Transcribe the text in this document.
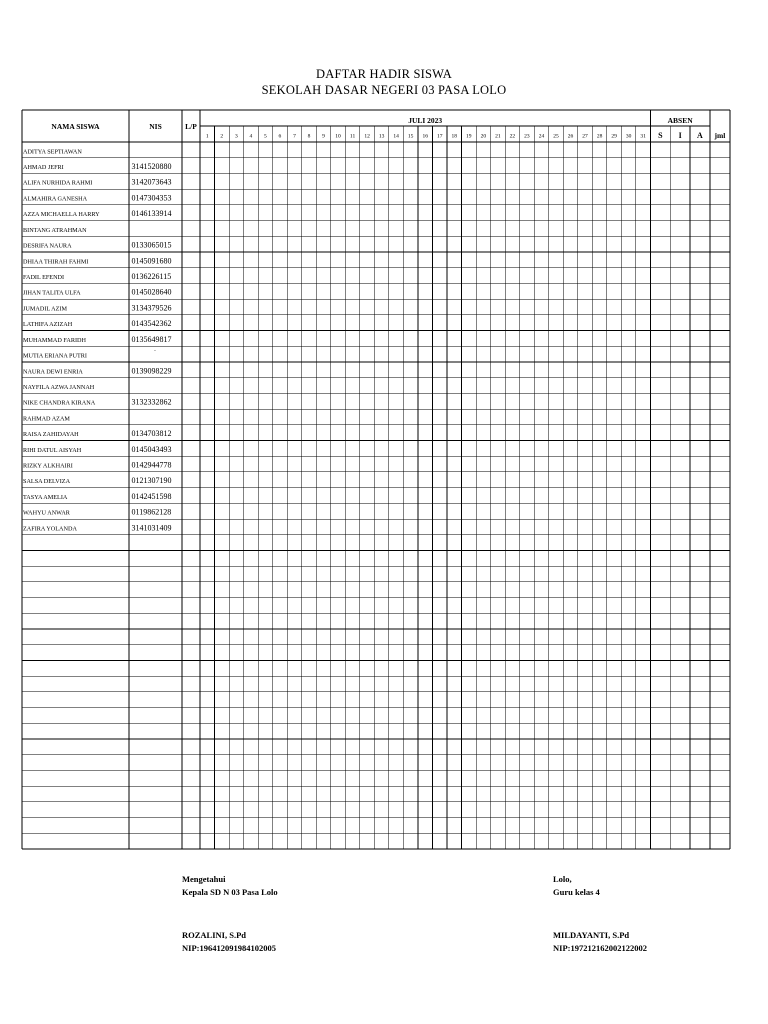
DAFTAR HADIR SISWA
SEKOLAH DASAR NEGERI 03 PASA LOLO
NAMA SISWA	NIS	L/P
JULI 2023	ABSEN
S I A jml
1 2 3 4 5 6 7 8 9 10 11 12 13 14 15 16 17 18 19 20 21 22 23 24 25 26 27 28 29 30 31
ADITYA SEPTIAWAN
AHMAD JEFRI	3141520880
ALIFA NURHIDA RAHMI	3142073643
ALMAHIRA GANESHA	0147304353
AZZA MICHAELLA HARRY	0146133914
BINTANG ATRAHMAN
DESRIFA NAURA	0133065015
DHIAA THIRAH FAHMI	0145091680
FADIL EFENDI	0136226115
JIHAN TALITA ULFA	0145028640
JUMADIL AZIM	3134379526
LATHIFA AZIZAH	0143542362
MUHAMMAD FARIDH	0135649817
MUTIA ERIANA PUTRI	`
NAURA DEWI ENRIA	0139098229
NAYFILA AZWA JANNAH
NIKE CHANDRA KIRANA	3132332862
RAHMAD AZAM
RAISA ZAHIDAYAH	0134703812
RIHI DATUL AISYAH	0145043493
RIZKY ALKHAIRI	0142944778
SALSA DELVIZA	0121307190
TASYA AMELIA	0142451598
WAHYU ANWAR	0119862128
ZAFIRA YOLANDA	3141031409
Mengetahui
Kepala SD N 03 Pasa Lolo
ROZALINI, S.Pd
NIP:196412091984102005
Lolo,
Guru kelas 4
MILDAYANTI, S.Pd
NIP:197212162002122002
